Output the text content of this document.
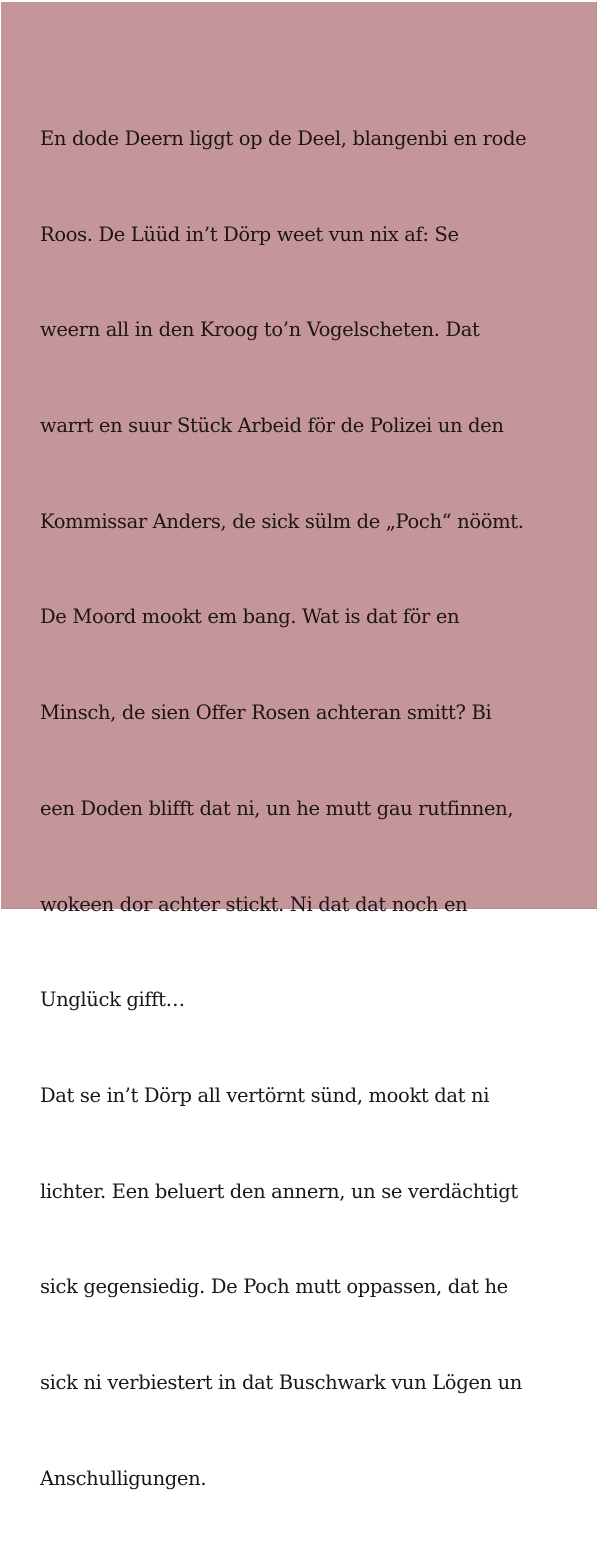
En dode Deern liggt op de Deel, blangenbi en rode

Roos. De Lüüd in’t Dörp weet vun nix af: Se

weern all in den Kroog to’n Vogelscheten. Dat

warrt en suur Stück Arbeid för de Polizei un den

Kommissar Anders, de sick sülm de „Poch“ nöömt.

De Moord mookt em bang. Wat is dat för en

Minsch, de sien Offer Rosen achteran smitt? Bi

een Doden blifft dat ni, un he mutt gau rutfinnen,

wokeen dor achter stickt. Ni dat dat noch en

Unglück gifft…

Dat se in’t Dörp all vertörnt sünd, mookt dat ni

lichter. Een beluert den annern, un se verdächtigt

sick gegensiedig. De Poch mutt oppassen, dat he

sick ni verbiestert in dat Buschwark vun Lögen un

Anschulligungen.
